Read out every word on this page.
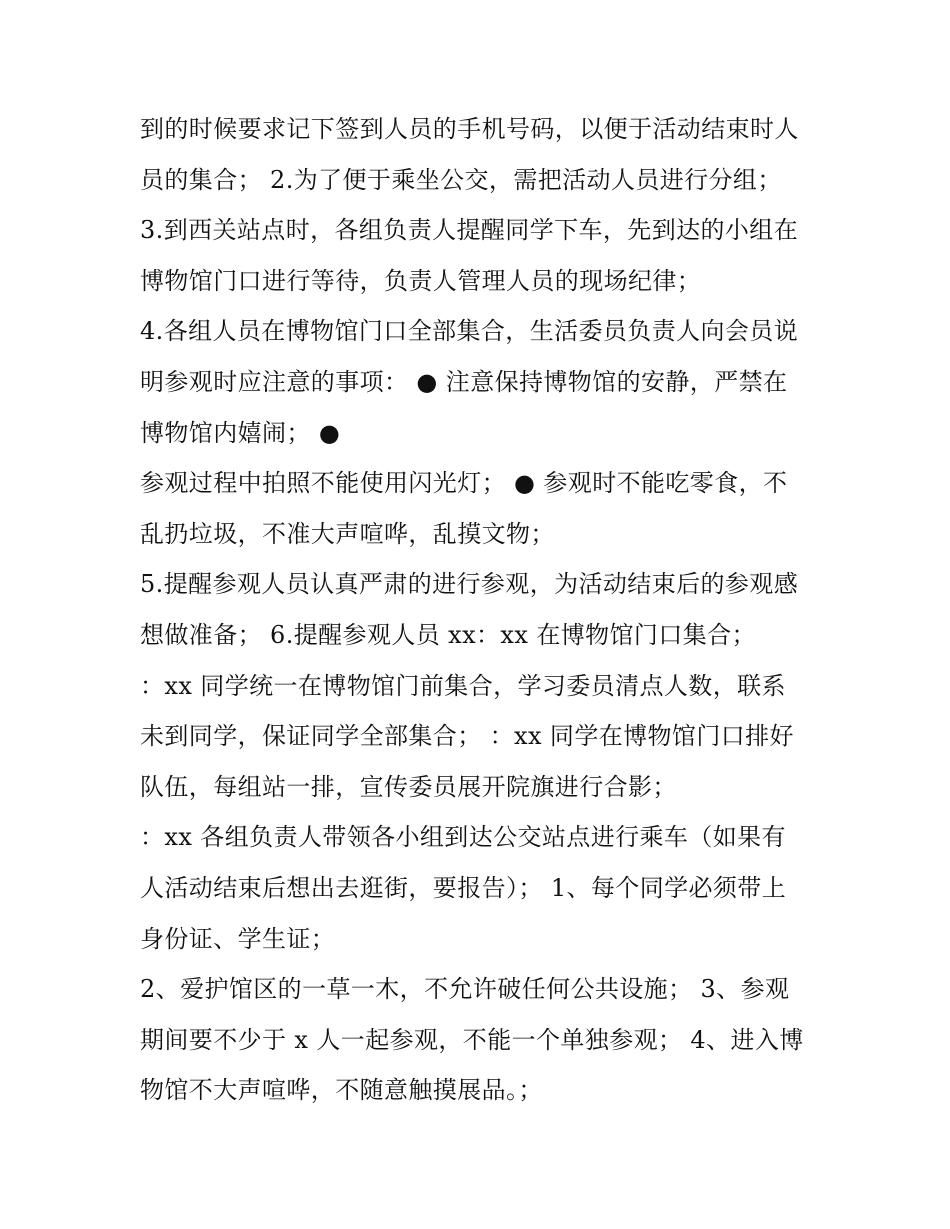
到的时候要求记下签到人员的手机号码，以便于活动结束时人
员的集合； 2.为了便于乘坐公交，需把活动人员进行分组；
3.到西关站点时，各组负责人提醒同学下车，先到达的小组在
博物馆门口进行等待，负责人管理人员的现场纪律；
4.各组人员在博物馆门口全部集合，生活委员负责人向会员说
明参观时应注意的事项： ● 注意保持博物馆的安静，严禁在
博物馆内嬉闹； ●
参观过程中拍照不能使用闪光灯； ● 参观时不能吃零食，不
乱扔垃圾，不准大声喧哗，乱摸文物；
5.提醒参观人员认真严肃的进行参观，为活动结束后的参观感
想做准备； 6.提醒参观人员 xx：xx 在博物馆门口集合；
：xx 同学统一在博物馆门前集合，学习委员清点人数，联系
未到同学，保证同学全部集合； ：xx 同学在博物馆门口排好
队伍，每组站一排，宣传委员展开院旗进行合影；
：xx 各组负责人带领各小组到达公交站点进行乘车（如果有
人活动结束后想出去逛街，要报告）； 1、每个同学必须带上
身份证、学生证；
2、爱护馆区的一草一木，不允许破任何公共设施； 3、参观
期间要不少于 x 人一起参观，不能一个单独参观； 4、进入博
物馆不大声喧哗，不随意触摸展品。；
